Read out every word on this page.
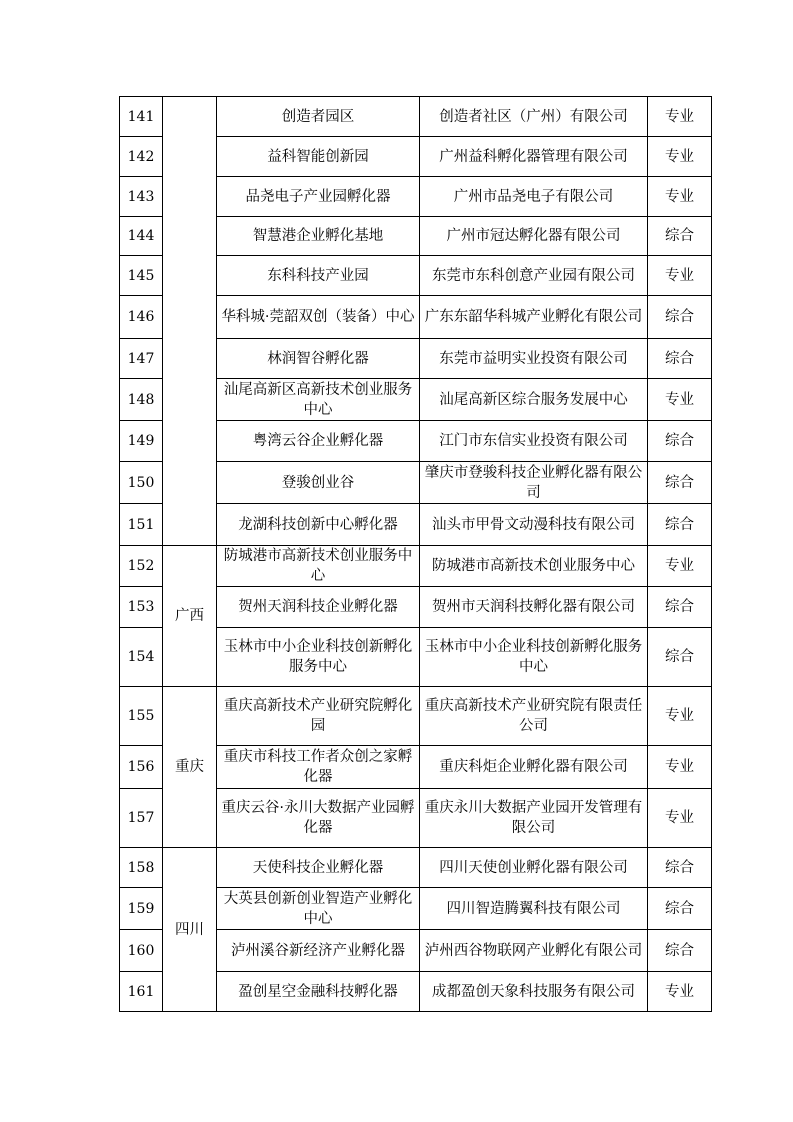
141		创造者园区	创造者社区（广州）有限公司	专业
142		益科智能创新园	广州益科孵化器管理有限公司	专业
143		品尧电子产业园孵化器	广州市品尧电子有限公司	专业
144		智慧港企业孵化基地	广州市冠达孵化器有限公司	综合
145		东科科技产业园	东莞市东科创意产业园有限公司	专业
146		华科城·莞韶双创（装备）中心	广东东韶华科城产业孵化有限公司	综合
147		林润智谷孵化器	东莞市益明实业投资有限公司	综合
148		汕尾高新区高新技术创业服务中心	汕尾高新区综合服务发展中心	专业
149		粤湾云谷企业孵化器	江门市东信实业投资有限公司	综合
150		登骏创业谷	肇庆市登骏科技企业孵化器有限公司	综合
151		龙湖科技创新中心孵化器	汕头市甲骨文动漫科技有限公司	综合
152	广西	防城港市高新技术创业服务中心	防城港市高新技术创业服务中心	专业
153		贺州天润科技企业孵化器	贺州市天润科技孵化器有限公司	综合
154		玉林市中小企业科技创新孵化服务中心	玉林市中小企业科技创新孵化服务中心	综合
155	重庆	重庆高新技术产业研究院孵化园	重庆高新技术产业研究院有限责任公司	专业
156		重庆市科技工作者众创之家孵化器	重庆科炬企业孵化器有限公司	专业
157		重庆云谷·永川大数据产业园孵化器	重庆永川大数据产业园开发管理有限公司	专业
158	四川	天使科技企业孵化器	四川天使创业孵化器有限公司	综合
159		大英县创新创业智造产业孵化中心	四川智造腾翼科技有限公司	综合
160		泸州溪谷新经济产业孵化器	泸州西谷物联网产业孵化有限公司	综合
161		盈创星空金融科技孵化器	成都盈创天象科技服务有限公司	专业
